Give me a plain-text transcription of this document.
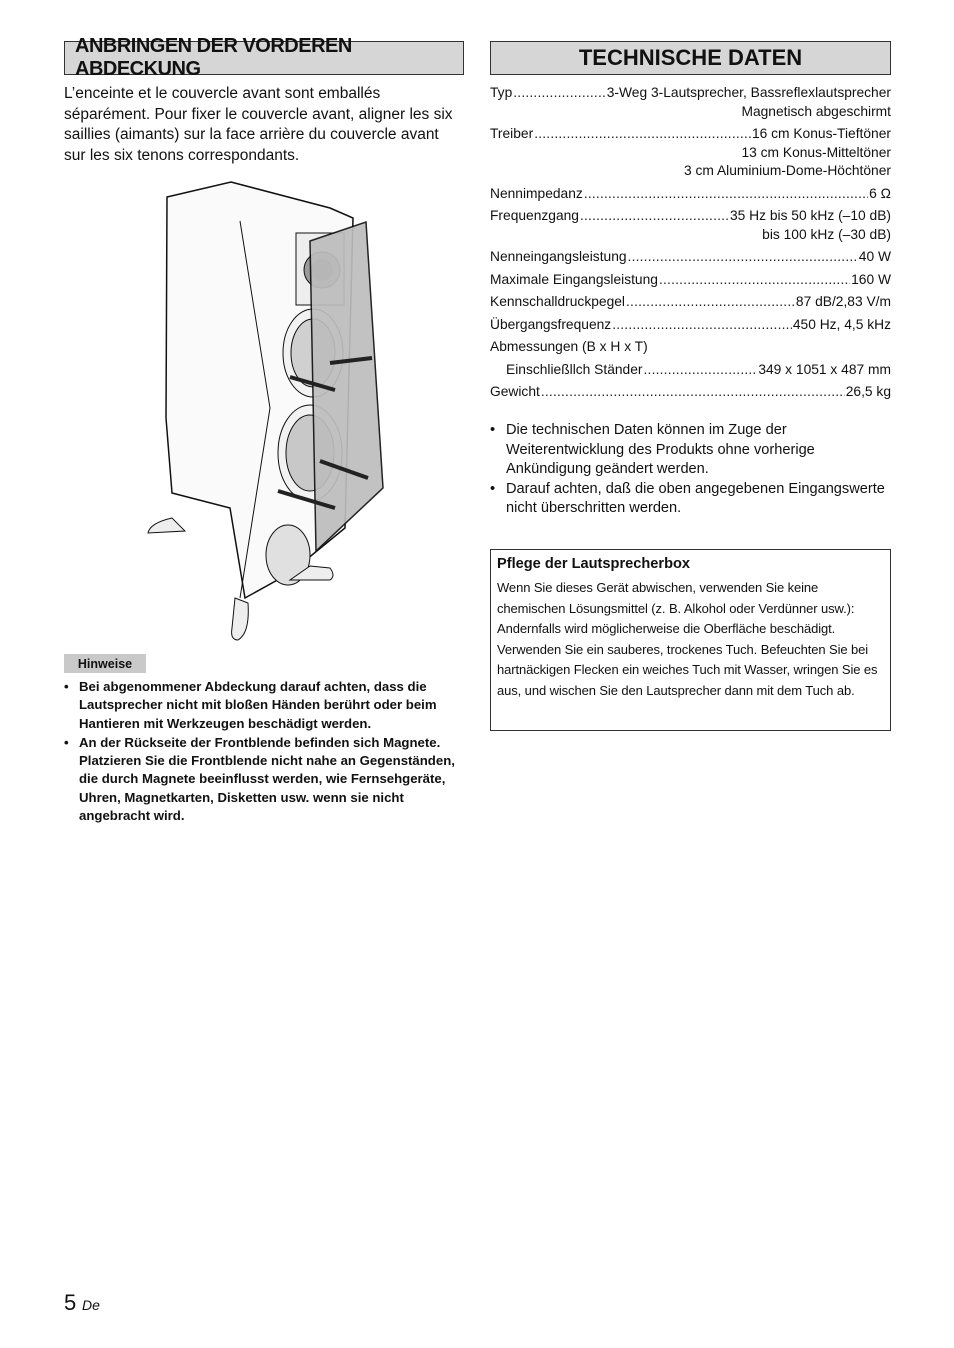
ANBRINGEN DER VORDEREN ABDECKUNG	TECHNISCHE DATEN

L’enceinte et le couvercle avant sont emballés séparément. Pour fixer le couvercle avant, aligner les six saillies (aimants) sur la face arrière du couvercle avant sur les six tenons correspondants.

Hinweise
• Bei abgenommener Abdeckung darauf achten, dass die Lautsprecher nicht mit bloßen Händen berührt oder beim Hantieren mit Werkzeugen beschädigt werden.
• An der Rückseite der Frontblende befinden sich Magnete. Platzieren Sie die Frontblende nicht nahe an Gegenständen, die durch Magnete beeinflusst werden, wie Fernsehgeräte, Uhren, Magnetkarten, Disketten usw. wenn sie nicht angebracht wird.
Typ .....	3-Weg 3-Lautsprecher, Bassreflexlautsprecher
Magnetisch abgeschirmt
Treiber .....	16 cm Konus-Tieftöner
13 cm Konus-Mitteltöner
3 cm Aluminium-Dome-Höchtöner
Nennimpedanz .....	6 Ω
Frequenzgang .....	35 Hz bis 50 kHz (–10 dB)
bis 100 kHz (–30 dB)
Nenneingangsleistung .....	40 W
Maximale Eingangsleistung .....	160 W
Kennschalldruckpegel .....	87 dB/2,83 V/m
Übergangsfrequenz .....	450 Hz, 4,5 kHz
Abmessungen (B x H x T)
Einschließllch Ständer .....	349 x 1051 x 487 mm
Gewicht .....	26,5 kg
• Die technischen Daten können im Zuge der Weiterentwicklung des Produkts ohne vorherige Ankündigung geändert werden.
• Darauf achten, daß die oben angegebenen Eingangswerte nicht überschritten werden.

Pflege der Lautsprecherbox

Wenn Sie dieses Gerät abwischen, verwenden Sie keine chemischen Lösungsmittel (z. B. Alkohol oder Verdünner usw.): Andernfalls wird möglicherweise die Oberfläche beschädigt. Verwenden Sie ein sauberes, trockenes Tuch. Befeuchten Sie bei hartnäckigen Flecken ein weiches Tuch mit Wasser, wringen Sie es aus, und wischen Sie den Lautsprecher dann mit dem Tuch ab.

5 De
